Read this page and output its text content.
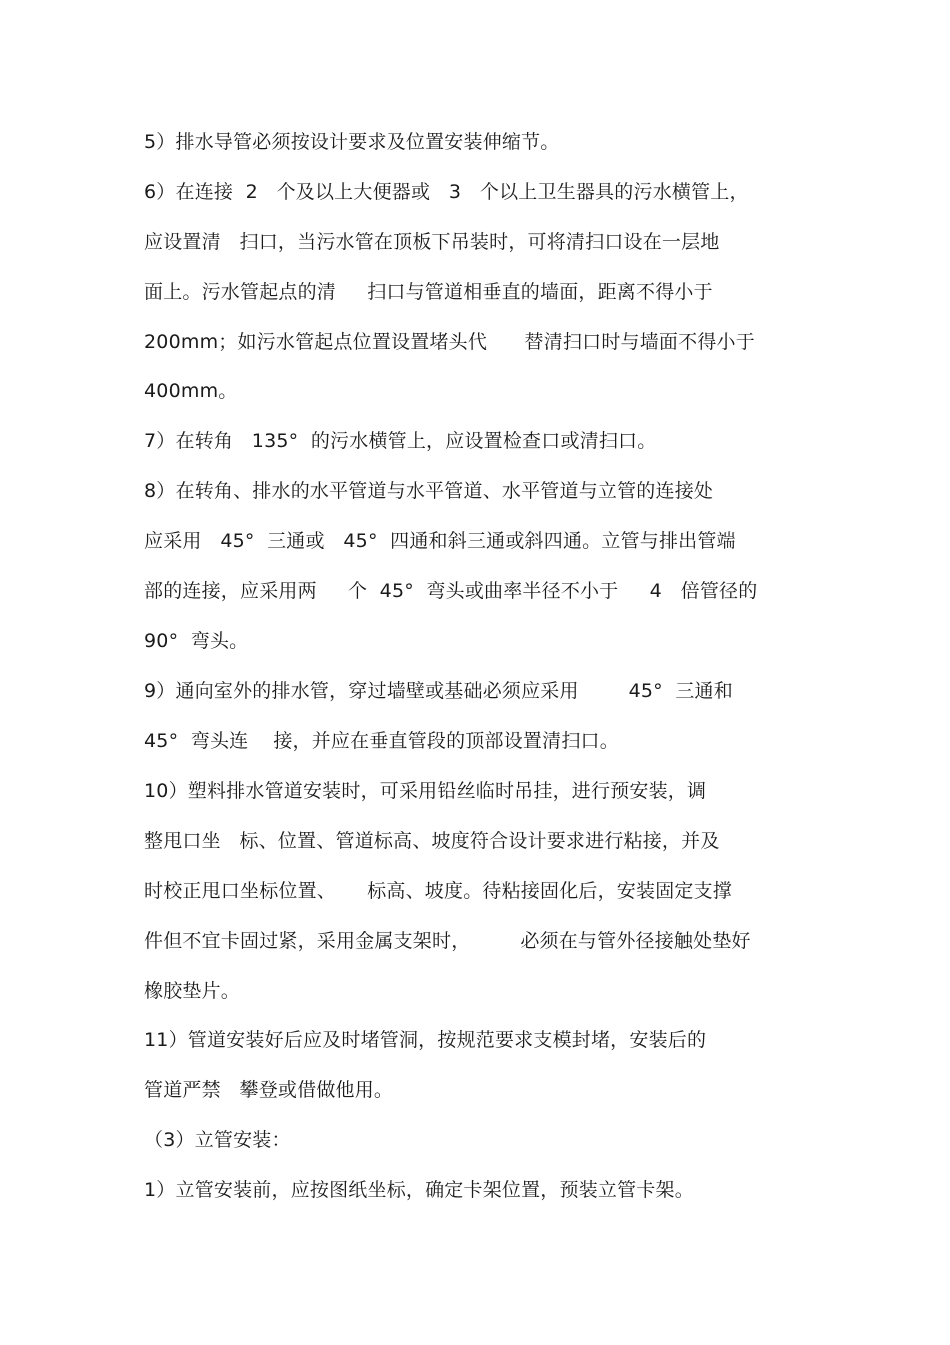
5）排水导管必须按设计要求及位置安装伸缩节。
6）在连接  2   个及以上大便器或   3   个以上卫生器具的污水横管上，
应设置清   扫口，当污水管在顶板下吊装时，可将清扫口设在一层地
面上。污水管起点的清     扫口与管道相垂直的墙面，距离不得小于
200mm；如污水管起点位置设置堵头代      替清扫口时与墙面不得小于
400mm。
7）在转角   135°  的污水横管上，应设置检查口或清扫口。
8）在转角、排水的水平管道与水平管道、水平管道与立管的连接处
应采用   45°  三通或   45°  四通和斜三通或斜四通。立管与排出管端
部的连接，应采用两     个  45°  弯头或曲率半径不小于     4   倍管径的
90°  弯头。
9）通向室外的排水管，穿过墙壁或基础必须应采用        45°  三通和
45°  弯头连    接，并应在垂直管段的顶部设置清扫口。
10）塑料排水管道安装时，可采用铅丝临时吊挂，进行预安装，调
整甩口坐   标、位置、管道标高、坡度符合设计要求进行粘接，并及
时校正甩口坐标位置、     标高、坡度。待粘接固化后，安装固定支撑
件但不宜卡固过紧，采用金属支架时，        必须在与管外径接触处垫好
橡胶垫片。
11）管道安装好后应及时堵管洞，按规范要求支模封堵，安装后的
管道严禁   攀登或借做他用。
（3）立管安装：
1）立管安装前，应按图纸坐标，确定卡架位置，预装立管卡架。
